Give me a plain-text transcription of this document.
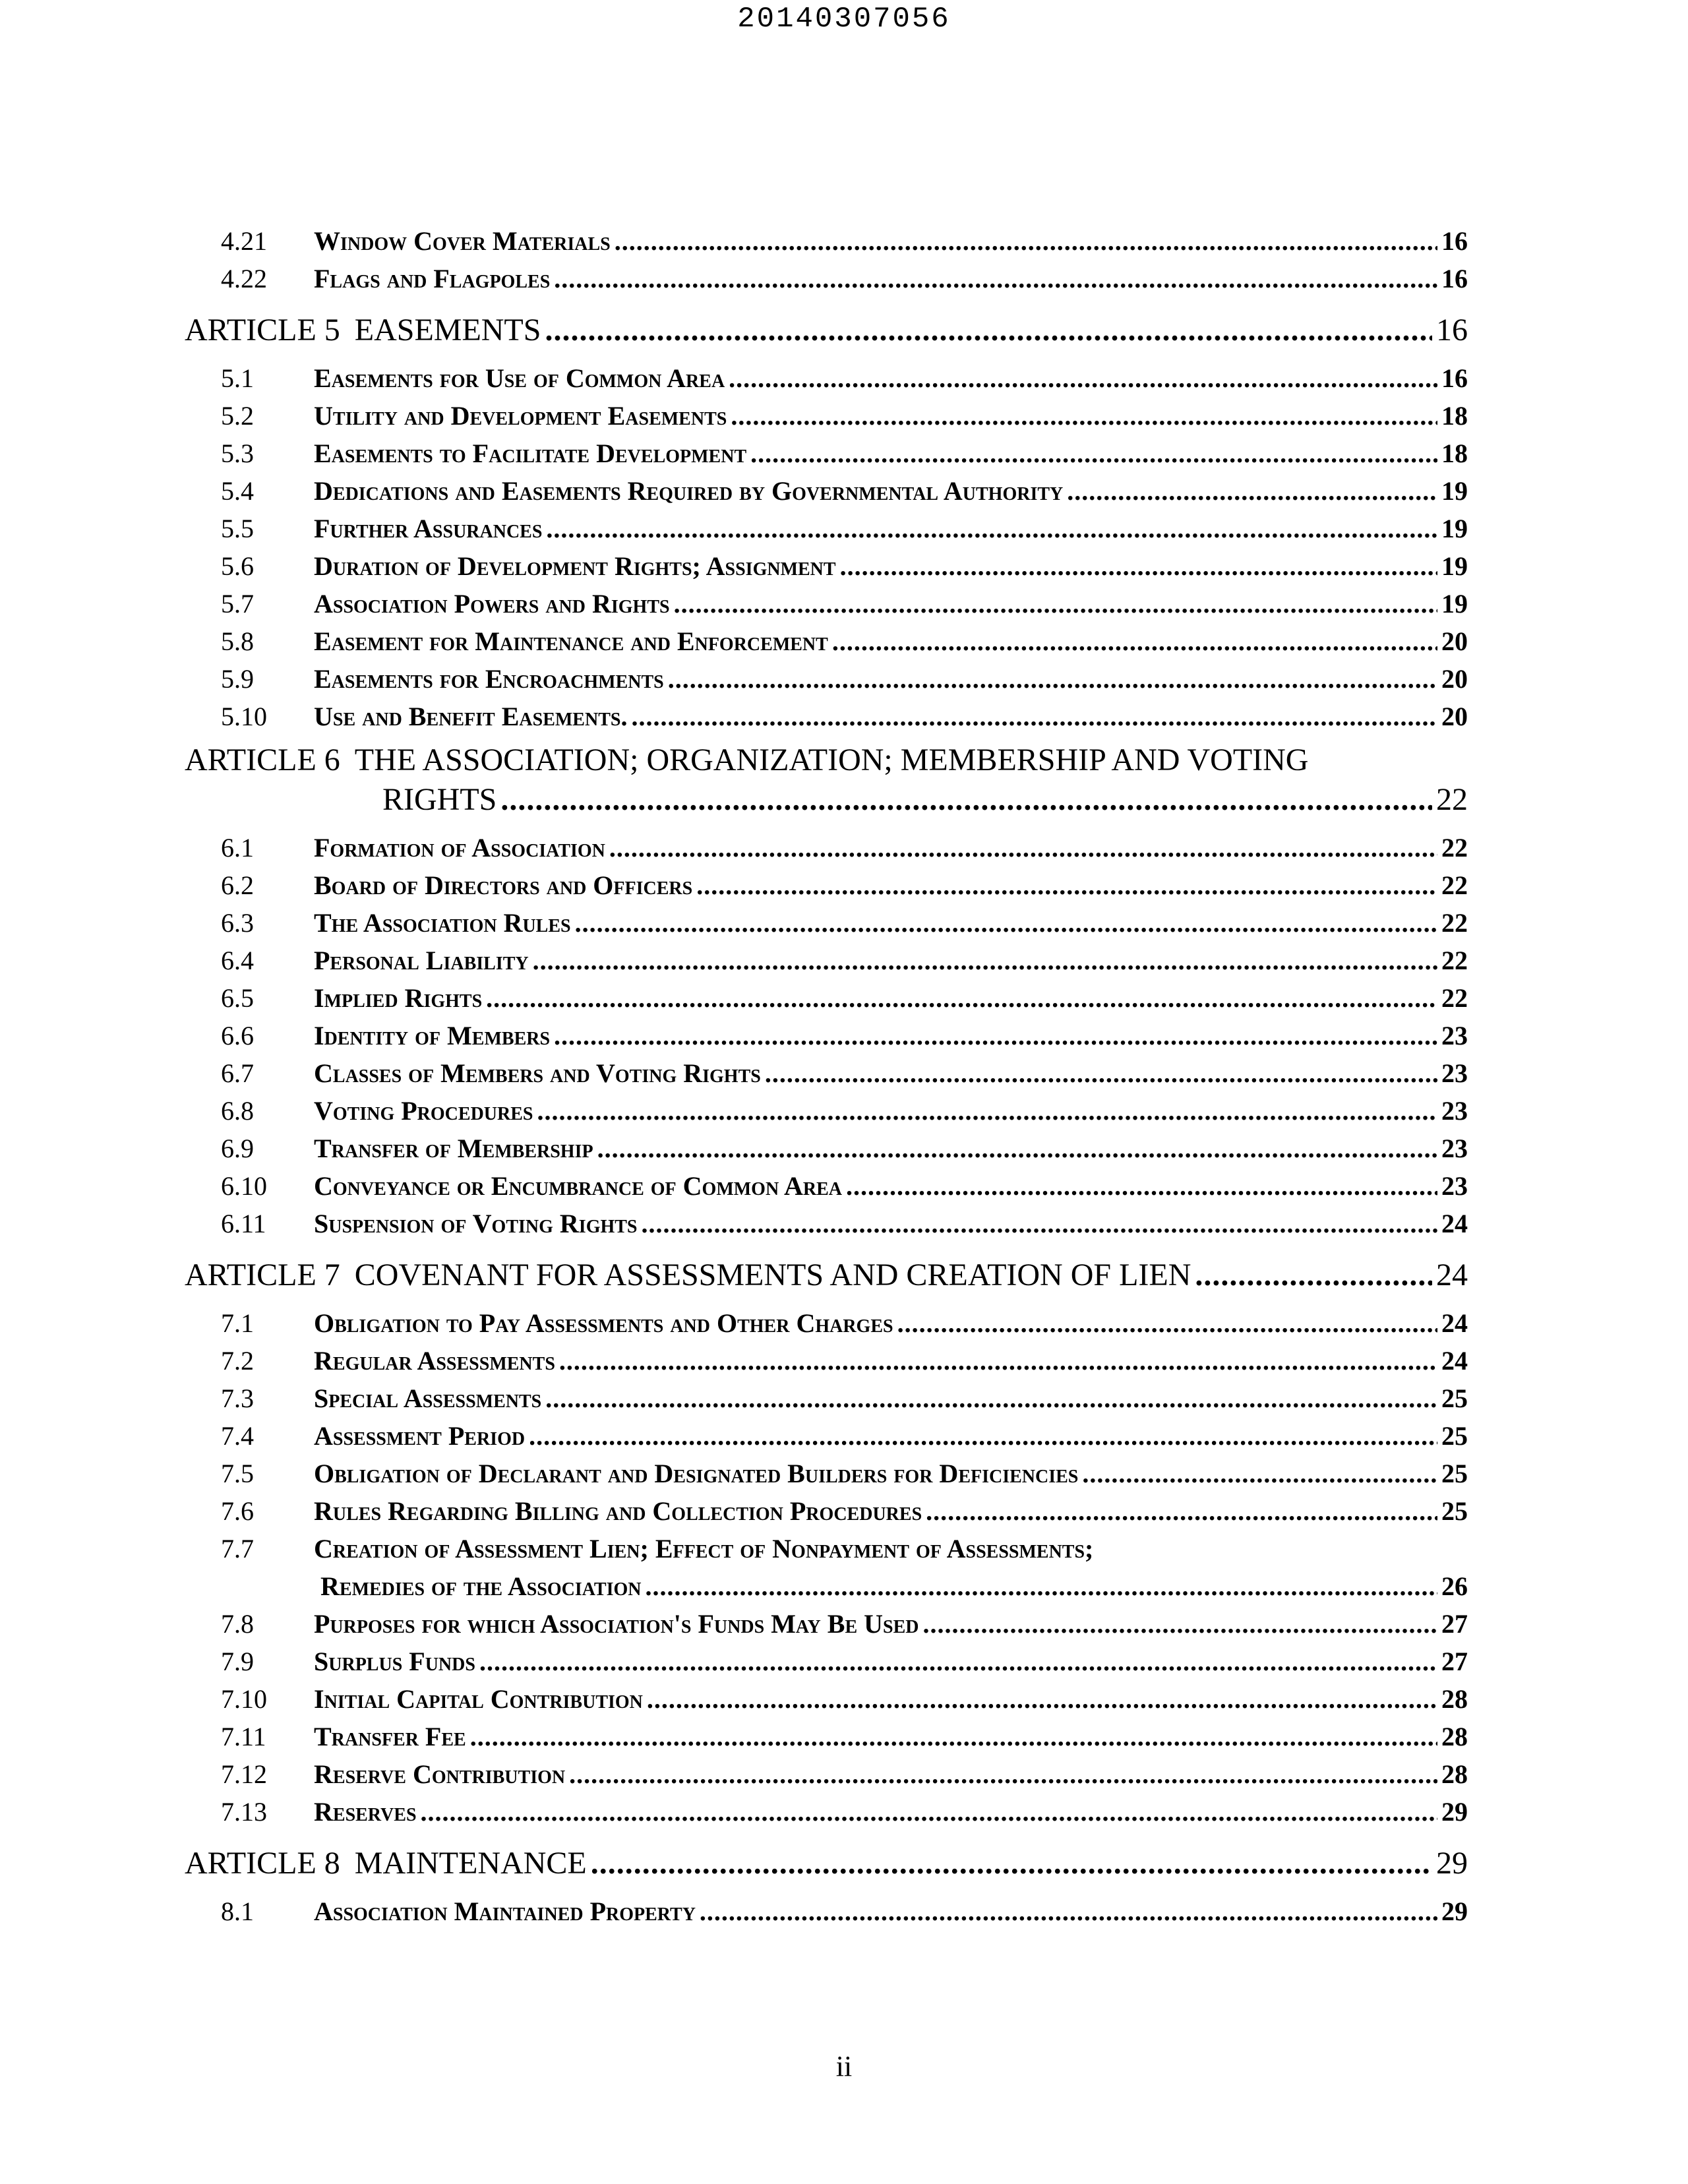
20140307056
4.21	Window Cover Materials .....	16
4.22	Flags and Flagpoles .....	16
ARTICLE 5 EASEMENTS .....	16
5.1	Easements for Use of Common Area .....	16
5.2	Utility and Development Easements .....	18
5.3	Easements to Facilitate Development .....	18
5.4	Dedications and Easements Required by Governmental Authority .....	19
5.5	Further Assurances .....	19
5.6	Duration of Development Rights; Assignment .....	19
5.7	Association Powers and Rights .....	19
5.8	Easement for Maintenance and Enforcement .....	20
5.9	Easements for Encroachments .....	20
5.10	Use and Benefit Easements. .....	20
ARTICLE 6 THE ASSOCIATION; ORGANIZATION; MEMBERSHIP AND VOTING
RIGHTS .....	22
6.1	Formation of Association .....	22
6.2	Board of Directors and Officers .....	22
6.3	The Association Rules .....	22
6.4	Personal Liability .....	22
6.5	Implied Rights .....	22
6.6	Identity of Members .....	23
6.7	Classes of Members and Voting Rights .....	23
6.8	Voting Procedures .....	23
6.9	Transfer of Membership .....	23
6.10	Conveyance or Encumbrance of Common Area .....	23
6.11	Suspension of Voting Rights .....	24
ARTICLE 7 COVENANT FOR ASSESSMENTS AND CREATION OF LIEN .....	24
7.1	Obligation to Pay Assessments and Other Charges .....	24
7.2	Regular Assessments .....	24
7.3	Special Assessments .....	25
7.4	Assessment Period .....	25
7.5	Obligation of Declarant and Designated Builders for Deficiencies .....	25
7.6	Rules Regarding Billing and Collection Procedures .....	25
7.7	Creation of Assessment Lien; Effect of Nonpayment of Assessments;
Remedies of the Association .....	26
7.8	Purposes for which Association's Funds May Be Used .....	27
7.9	Surplus Funds .....	27
7.10	Initial Capital Contribution .....	28
7.11	Transfer Fee .....	28
7.12	Reserve Contribution .....	28
7.13	Reserves .....	29
ARTICLE 8 MAINTENANCE .....	29
8.1	Association Maintained Property .....	29
ii
